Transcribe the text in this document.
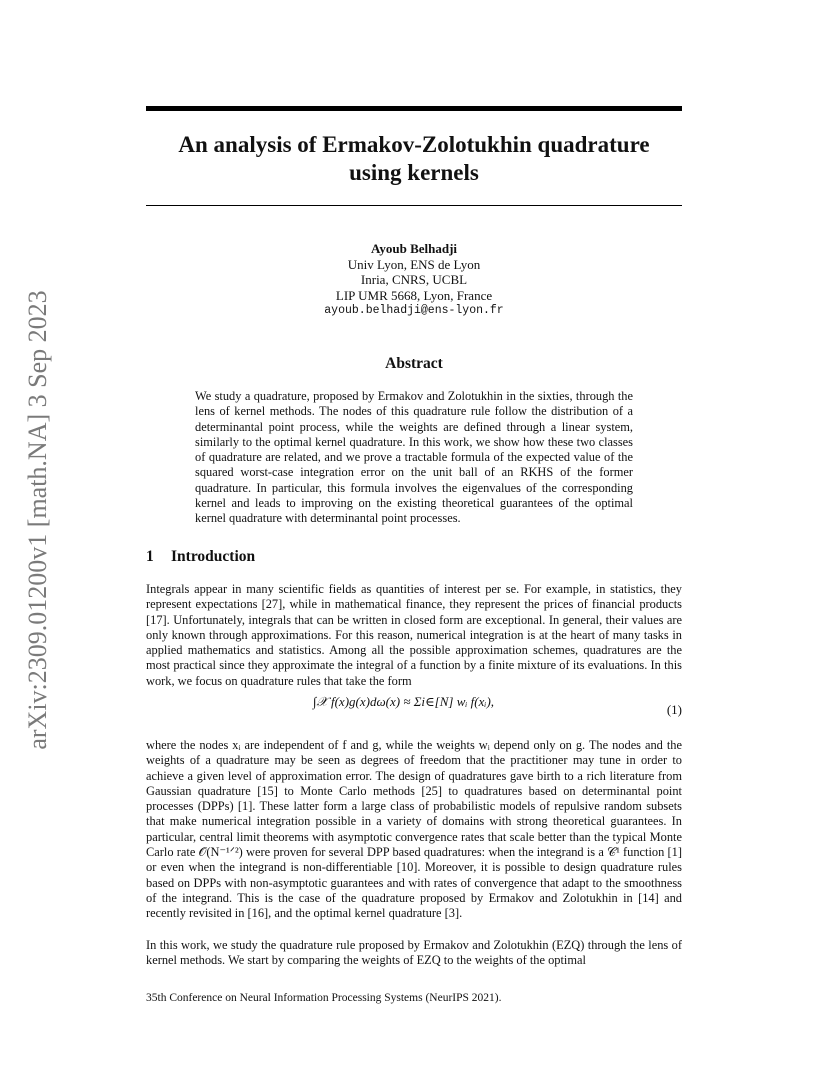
arXiv:2309.01200v1 [math.NA] 3 Sep 2023
An analysis of Ermakov-Zolotukhin quadrature
using kernels
Ayoub Belhadji
Univ Lyon, ENS de Lyon
Inria, CNRS, UCBL
LIP UMR 5668, Lyon, France
ayoub.belhadji@ens-lyon.fr
Abstract

We study a quadrature, proposed by Ermakov and Zolotukhin in the sixties, through the lens of kernel methods. The nodes of this quadrature rule follow the distribution of a determinantal point process, while the weights are defined through a linear system, similarly to the optimal kernel quadrature. In this work, we show how these two classes of quadrature are related, and we prove a tractable formula of the expected value of the squared worst-case integration error on the unit ball of an RKHS of the former quadrature. In particular, this formula involves the eigenvalues of the corresponding kernel and leads to improving on the existing theoretical guarantees of the optimal kernel quadrature with determinantal point processes.

1 Introduction

Integrals appear in many scientific fields as quantities of interest per se. For example, in statistics, they represent expectations [27], while in mathematical finance, they represent the prices of financial products [17]. Unfortunately, integrals that can be written in closed form are exceptional. In general, their values are only known through approximations. For this reason, numerical integration is at the heart of many tasks in applied mathematics and statistics. Among all the possible approximation schemes, quadratures are the most practical since they approximate the integral of a function by a finite mixture of its evaluations. In this work, we focus on quadrature rules that take the form

∫𝒳 f(x)g(x)dω(x) ≈ Σi∈[N] wᵢ f(xᵢ),
(1)

where the nodes xᵢ are independent of f and g, while the weights wᵢ depend only on g. The nodes and the weights of a quadrature may be seen as degrees of freedom that the practitioner may tune in order to achieve a given level of approximation error. The design of quadratures gave birth to a rich literature from Gaussian quadrature [15] to Monte Carlo methods [25] to quadratures based on determinantal point processes (DPPs) [1]. These latter form a large class of probabilistic models of repulsive random subsets that make numerical integration possible in a variety of domains with strong theoretical guarantees. In particular, central limit theorems with asymptotic convergence rates that scale better than the typical Monte Carlo rate 𝒪(N⁻¹ᐟ²) were proven for several DPP based quadratures: when the integrand is a 𝒞¹ function [1] or even when the integrand is non-differentiable [10]. Moreover, it is possible to design quadrature rules based on DPPs with non-asymptotic guarantees and with rates of convergence that adapt to the smoothness of the integrand. This is the case of the quadrature proposed by Ermakov and Zolotukhin in [14] and recently revisited in [16], and the optimal kernel quadrature [3].

In this work, we study the quadrature rule proposed by Ermakov and Zolotukhin (EZQ) through the lens of kernel methods. We start by comparing the weights of EZQ to the weights of the optimal

35th Conference on Neural Information Processing Systems (NeurIPS 2021).
